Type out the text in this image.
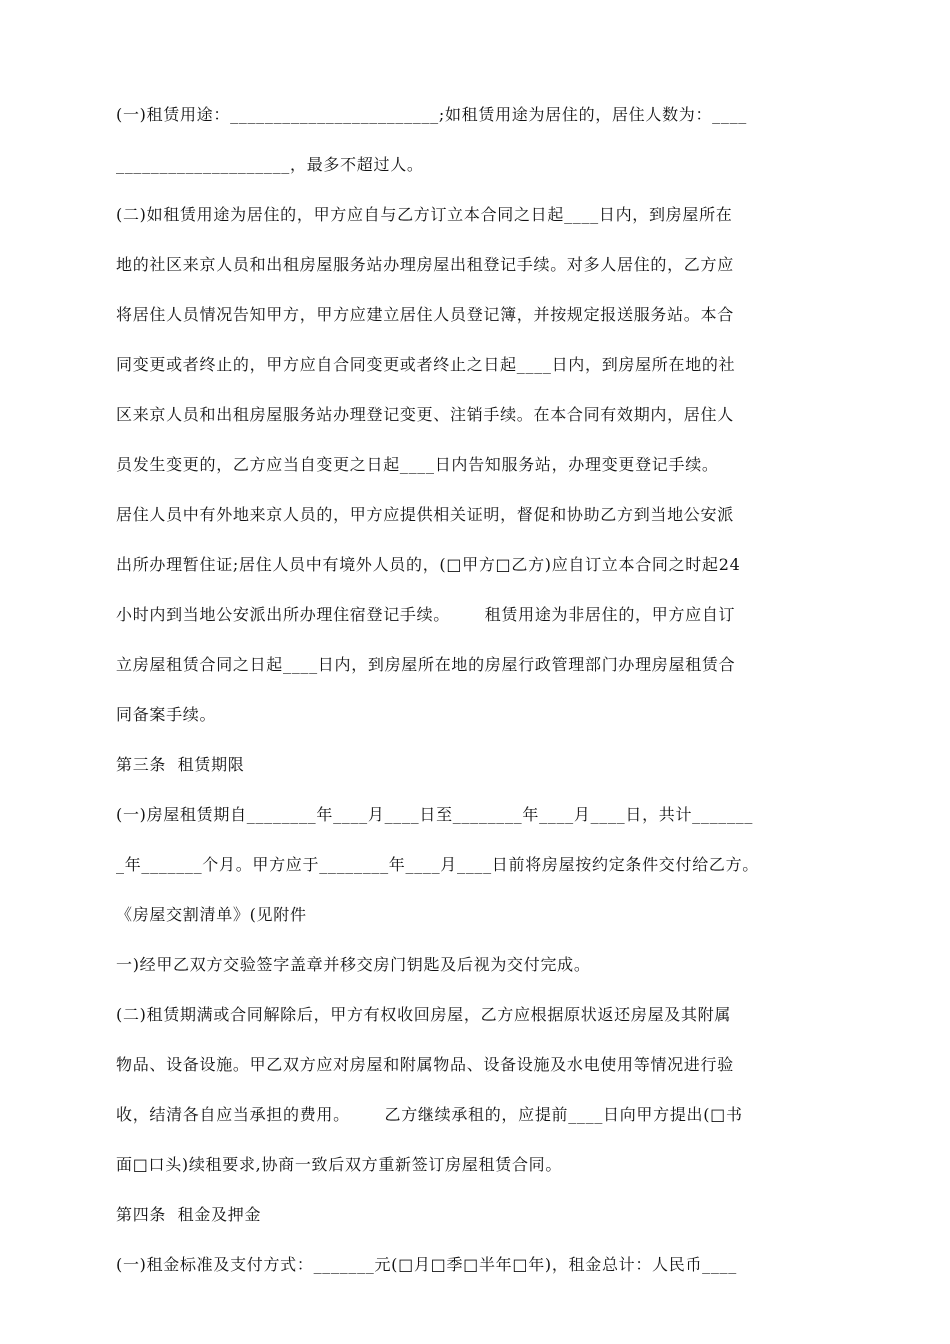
(一)租赁用途：________________________;如租赁用途为居住的，居住人数为：____
____________________，最多不超过人。
(二)如租赁用途为居住的，甲方应自与乙方订立本合同之日起____日内，到房屋所在
地的社区来京人员和出租房屋服务站办理房屋出租登记手续。对多人居住的，乙方应
将居住人员情况告知甲方，甲方应建立居住人员登记簿，并按规定报送服务站。本合
同变更或者终止的，甲方应自合同变更或者终止之日起____日内，到房屋所在地的社
区来京人员和出租房屋服务站办理登记变更、注销手续。在本合同有效期内，居住人
员发生变更的，乙方应当自变更之日起____日内告知服务站，办理变更登记手续。
居住人员中有外地来京人员的，甲方应提供相关证明，督促和协助乙方到当地公安派
出所办理暂住证;居住人员中有境外人员的，(□甲方□乙方)应自订立本合同之时起24
小时内到当地公安派出所办理住宿登记手续。      租赁用途为非居住的，甲方应自订
立房屋租赁合同之日起____日内，到房屋所在地的房屋行政管理部门办理房屋租赁合
同备案手续。
第三条  租赁期限
(一)房屋租赁期自________年____月____日至________年____月____日，共计_______
_年_______个月。甲方应于________年____月____日前将房屋按约定条件交付给乙方。
《房屋交割清单》(见附件
一)经甲乙双方交验签字盖章并移交房门钥匙及后视为交付完成。
(二)租赁期满或合同解除后，甲方有权收回房屋，乙方应根据原状返还房屋及其附属
物品、设备设施。甲乙双方应对房屋和附属物品、设备设施及水电使用等情况进行验
收，结清各自应当承担的费用。      乙方继续承租的，应提前____日向甲方提出(□书
面□口头)续租要求,协商一致后双方重新签订房屋租赁合同。
第四条  租金及押金
(一)租金标准及支付方式：_______元(□月□季□半年□年)，租金总计：人民币____
